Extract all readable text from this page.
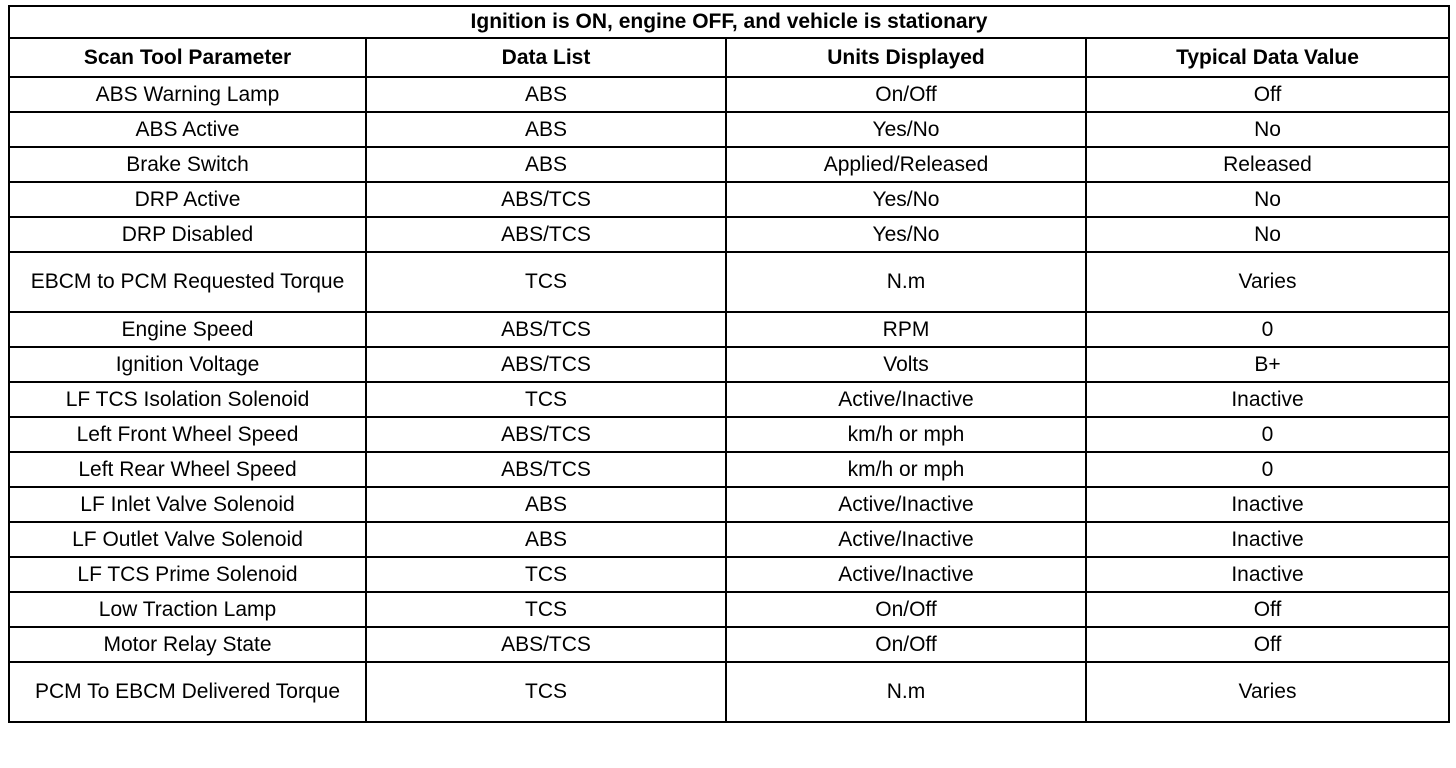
Ignition is ON, engine OFF, and vehicle is stationary			
Scan Tool Parameter	Data List	Units Displayed	Typical Data Value
ABS Warning Lamp	ABS	On/Off	Off
ABS Active	ABS	Yes/No	No
Brake Switch	ABS	Applied/Released	Released
DRP Active	ABS/TCS	Yes/No	No
DRP Disabled	ABS/TCS	Yes/No	No
EBCM to PCM Requested Torque	TCS	N.m	Varies
Engine Speed	ABS/TCS	RPM	0
Ignition Voltage	ABS/TCS	Volts	B+
LF TCS Isolation Solenoid	TCS	Active/Inactive	Inactive
Left Front Wheel Speed	ABS/TCS	km/h or mph	0
Left Rear Wheel Speed	ABS/TCS	km/h or mph	0
LF Inlet Valve Solenoid	ABS	Active/Inactive	Inactive
LF Outlet Valve Solenoid	ABS	Active/Inactive	Inactive
LF TCS Prime Solenoid	TCS	Active/Inactive	Inactive
Low Traction Lamp	TCS	On/Off	Off
Motor Relay State	ABS/TCS	On/Off	Off
PCM To EBCM Delivered Torque	TCS	N.m	Varies
